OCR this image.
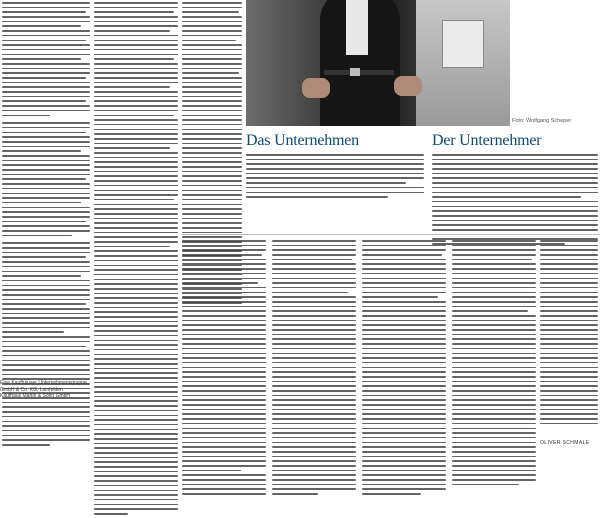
Foto: Wolfgang Scheper
Das Unternehmen	Der Unternehmer
OLIVER SCHMALE
Eine Kaufhäuser Unternehmensgruppe
GmbH & Co. KG, Leinfelden
Kaufhaus Martin & Sohn GmbH
